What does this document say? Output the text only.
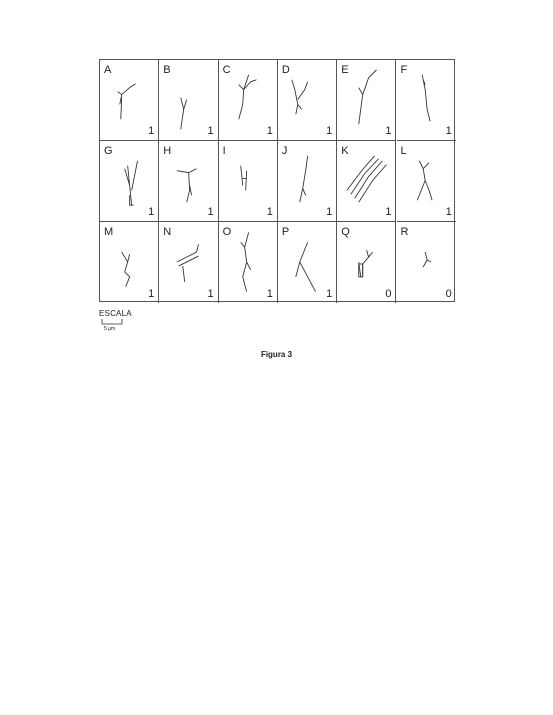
A
1
B
1
C
1
D
1
E
1
F
1
G
1
H
1
I
1
J
1
K
1
L
1
M
1
N
1
O
1
P
1
Q
0
R
0
ESCALA
5 µm
Figura 3
